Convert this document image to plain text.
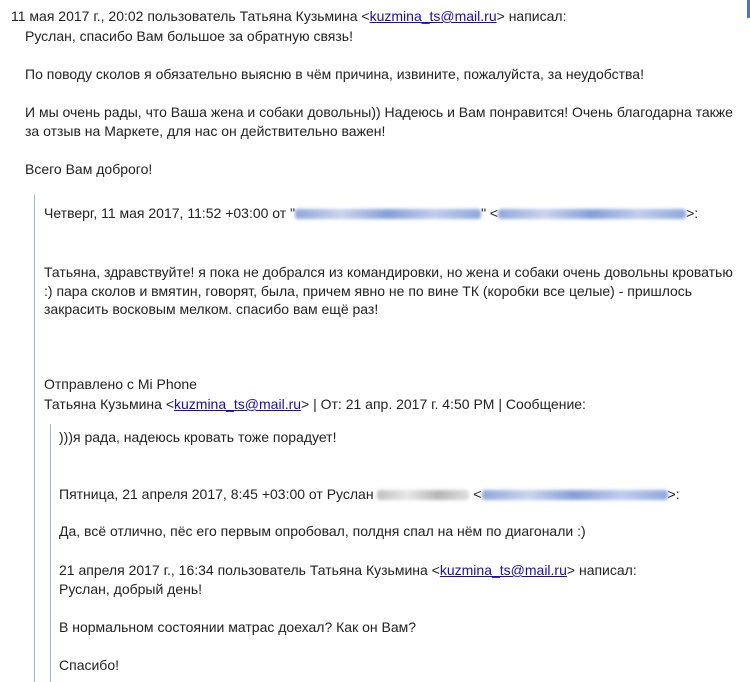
11 мая 2017 г., 20:02 пользователь Татьяна Кузьмина <kuzmina_ts@mail.ru> написал:
Руслан, спасибо Вам большое за обратную связь!
По поводу сколов я обязательно выясню в чём причина, извините, пожалуйста, за неудобства!
И мы очень рады, что Ваша жена и собаки довольны)) Надеюсь и Вам понравится! Очень благодарна также
за отзыв на Маркете, для нас он действительно важен!
Всего Вам доброго!
Четверг, 11 мая 2017, 11:52 +03:00 от "	" <	>:
Татьяна, здравствуйте! я пока не добрался из командировки, но жена и собаки очень довольны кроватью
:) пара сколов и вмятин, говорят, была, причем явно не по вине ТК (коробки все целые) - пришлось
закрасить восковым мелком. спасибо вам ещё раз!
Отправлено с Mi Phone
Татьяна Кузьмина <kuzmina_ts@mail.ru> | От: 21 апр. 2017 г. 4:50 PM | Сообщение:
)))я рада, надеюсь кровать тоже порадует!
Пятница, 21 апреля 2017, 8:45 +03:00 от Руслан	<	>:
Да, всё отлично, пёс его первым опробовал, полдня спал на нём по диагонали :)
21 апреля 2017 г., 16:34 пользователь Татьяна Кузьмина <kuzmina_ts@mail.ru> написал:
Руслан, добрый день!
В нормальном состоянии матрас доехал? Как он Вам?
Спасибо!
